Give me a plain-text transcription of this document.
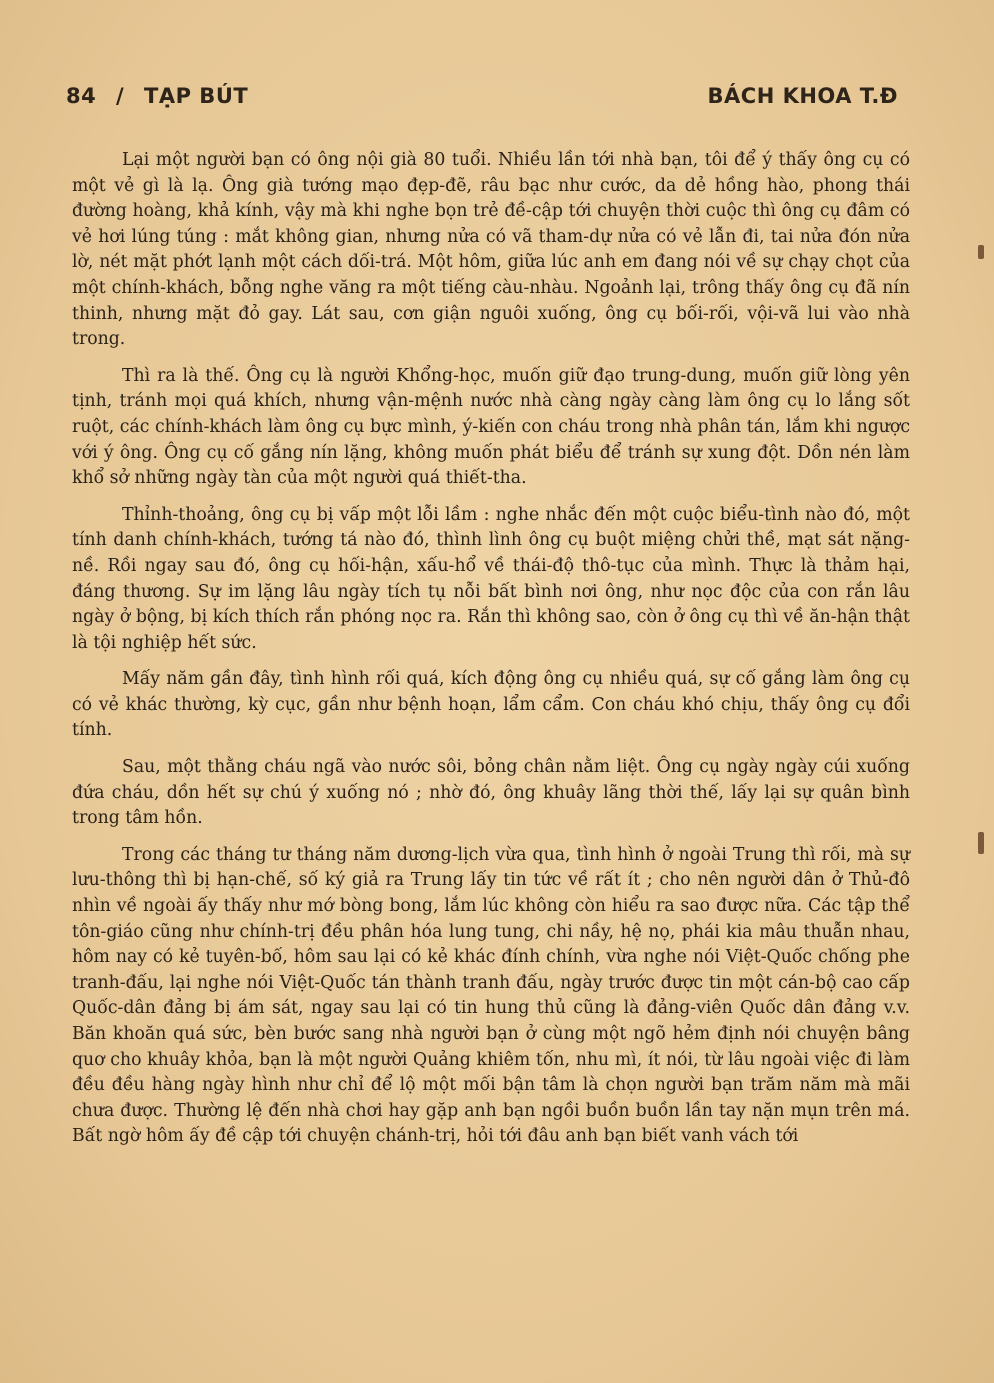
84 / TẠP BÚT	BÁCH KHOA T.Đ

Lại một người bạn có ông nội già 80 tuổi. Nhiều lần tới nhà bạn, tôi để ý thấy ông cụ có một vẻ gì là lạ. Ông già tướng mạo đẹp-đẽ, râu bạc như cước, da dẻ hồng hào, phong thái đường hoàng, khả kính, vậy mà khi nghe bọn trẻ đề-cập tới chuyện thời cuộc thì ông cụ đâm có vẻ hơi lúng túng : mắt không gian, nhưng nửa có vã tham-dự nửa có vẻ lẫn đi, tai nửa đón nửa lờ, nét mặt phớt lạnh một cách dối-trá. Một hôm, giữa lúc anh em đang nói về sự chạy chọt của một chính-khách, bỗng nghe văng ra một tiếng càu-nhàu. Ngoảnh lại, trông thấy ông cụ đã nín thinh, nhưng mặt đỏ gay. Lát sau, cơn giận nguôi xuống, ông cụ bối-rối, vội-vã lui vào nhà trong.

Thì ra là thế. Ông cụ là người Khổng-học, muốn giữ đạo trung-dung, muốn giữ lòng yên tịnh, tránh mọi quá khích, nhưng vận-mệnh nước nhà càng ngày càng làm ông cụ lo lắng sốt ruột, các chính-khách làm ông cụ bực mình, ý-kiến con cháu trong nhà phân tán, lắm khi ngược với ý ông. Ông cụ cố gắng nín lặng, không muốn phát biểu để tránh sự xung đột. Dồn nén làm khổ sở những ngày tàn của một người quá thiết-tha.

Thỉnh-thoảng, ông cụ bị vấp một lỗi lầm : nghe nhắc đến một cuộc biểu-tình nào đó, một tính danh chính-khách, tướng tá nào đó, thình lình ông cụ buột miệng chửi thề, mạt sát nặng-nề. Rồi ngay sau đó, ông cụ hối-hận, xấu-hổ về thái-độ thô-tục của mình. Thực là thảm hại, đáng thương. Sự im lặng lâu ngày tích tụ nỗi bất bình nơi ông, như nọc độc của con rắn lâu ngày ở bộng, bị kích thích rắn phóng nọc ra. Rắn thì không sao, còn ở ông cụ thì về ăn-hận thật là tội nghiệp hết sức.

Mấy năm gần đây, tình hình rối quá, kích động ông cụ nhiều quá, sự cố gắng làm ông cụ có vẻ khác thường, kỳ cục, gần như bệnh hoạn, lẩm cẩm. Con cháu khó chịu, thấy ông cụ đổi tính.

Sau, một thằng cháu ngã vào nước sôi, bỏng chân nằm liệt. Ông cụ ngày ngày cúi xuống đứa cháu, dồn hết sự chú ý xuống nó ; nhờ đó, ông khuây lãng thời thế, lấy lại sự quân bình trong tâm hồn.

Trong các tháng tư tháng năm dương-lịch vừa qua, tình hình ở ngoài Trung thì rối, mà sự lưu-thông thì bị hạn-chế, số ký giả ra Trung lấy tin tức về rất ít ; cho nên người dân ở Thủ-đô nhìn về ngoài ấy thấy như mớ bòng bong, lắm lúc không còn hiểu ra sao được nữa. Các tập thể tôn-giáo cũng như chính-trị đều phân hóa lung tung, chi nầy, hệ nọ, phái kia mâu thuẫn nhau, hôm nay có kẻ tuyên-bố, hôm sau lại có kẻ khác đính chính, vừa nghe nói Việt-Quốc chống phe tranh-đấu, lại nghe nói Việt-Quốc tán thành tranh đấu, ngày trước được tin một cán-bộ cao cấp Quốc-dân đảng bị ám sát, ngay sau lại có tin hung thủ cũng là đảng-viên Quốc dân đảng v.v. Băn khoăn quá sức, bèn bước sang nhà người bạn ở cùng một ngõ hẻm định nói chuyện bâng quơ cho khuây khỏa, bạn là một người Quảng khiêm tốn, nhu mì, ít nói, từ lâu ngoài việc đi làm đều đều hàng ngày hình như chỉ để lộ một mối bận tâm là chọn người bạn trăm năm mà mãi chưa được. Thường lệ đến nhà chơi hay gặp anh bạn ngồi buồn buồn lần tay nặn mụn trên má. Bất ngờ hôm ấy đề cập tới chuyện chánh-trị, hỏi tới đâu anh bạn biết vanh vách tới
